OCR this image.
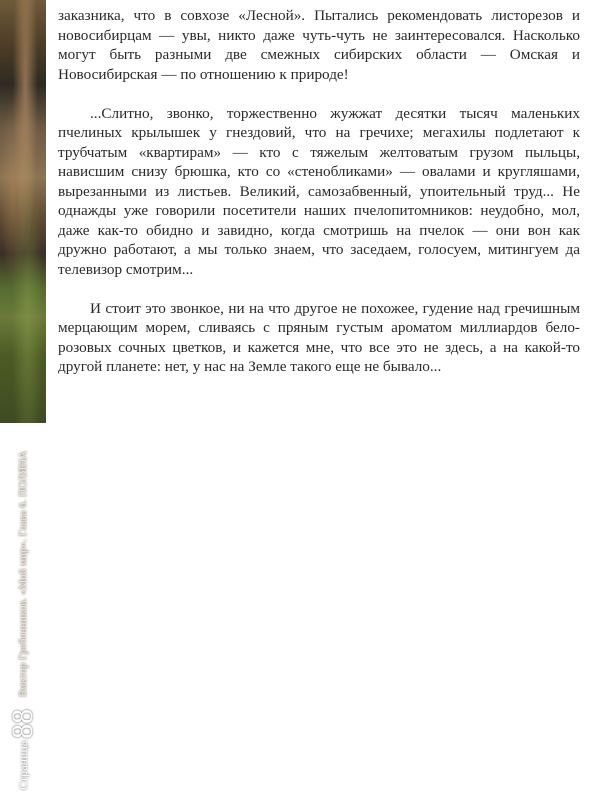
Страница
88
Виктор Гребенников. «Мой мир». Глава 6. ПОЛЯНА

заказника, что в совхозе «Лесной». Пытались рекомендовать листорезов и новосибирцам — увы, никто даже чуть-чуть не заинтересовался. Насколько могут быть разными две смежных сибирских области — Омская и Новосибирская — по отношению к природе!

...Слитно, звонко, торжественно жужжат десятки тысяч маленьких пчелиных крылышек у гнездовий, что на гречихе; мегахилы подлетают к трубчатым «квартирам» — кто с тяжелым желтоватым грузом пыльцы, нависшим снизу брюшка, кто со «стенобликами» — овалами и кругляшами, вырезанными из листьев. Великий, самозабвенный, упоительный труд... Не однажды уже говорили посетители наших пчелопитомников: неудобно, мол, даже как-то обидно и завидно, когда смотришь на пчелок — они вон как дружно работают, а мы только знаем, что заседаем, голосуем, митингуем да телевизор смотрим...

И стоит это звонкое, ни на что другое не похожее, гудение над гречишным мерцающим морем, сливаясь с пряным густым ароматом миллиардов бело-розовых сочных цветков, и кажется мне, что все это не здесь, а на какой-то другой планете: нет, у нас на Земле такого еще не бывало...
